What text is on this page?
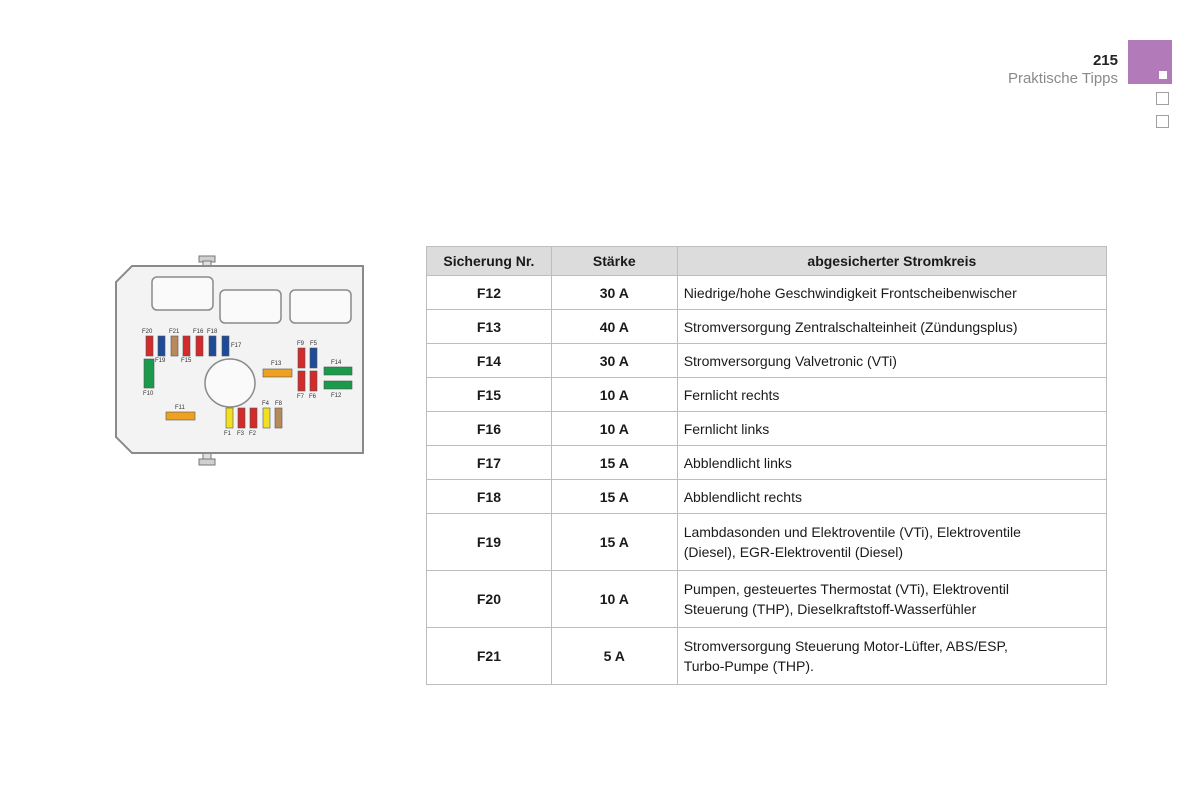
215
Praktische Tipps
F20	F21 F16 F18
F17
F19	F15
F10
F13
F9 F5
F7 F6
F14
F12
F11
F4 F8
F1 F3 F2
Sicherung Nr.	Stärke	abgesicherter Stromkreis
F12	30 A	Niedrige/hohe Geschwindigkeit Frontscheibenwischer
F13	40 A	Stromversorgung Zentralschalteinheit (Zündungsplus)
F14	30 A	Stromversorgung Valvetronic (VTi)
F15	10 A	Fernlicht rechts
F16	10 A	Fernlicht links
F17	15 A	Abblendlicht links
F18	15 A	Abblendlicht rechts
F19	15 A	Lambdasonden und Elektroventile (VTi), Elektroventile
(Diesel), EGR-Elektroventil (Diesel)
F20	10 A	Pumpen, gesteuertes Thermostat (VTi), Elektroventil
Steuerung (THP), Dieselkraftstoff-Wasserfühler
F21	5 A	Stromversorgung Steuerung Motor-Lüfter, ABS/ESP,
Turbo-Pumpe (THP).
